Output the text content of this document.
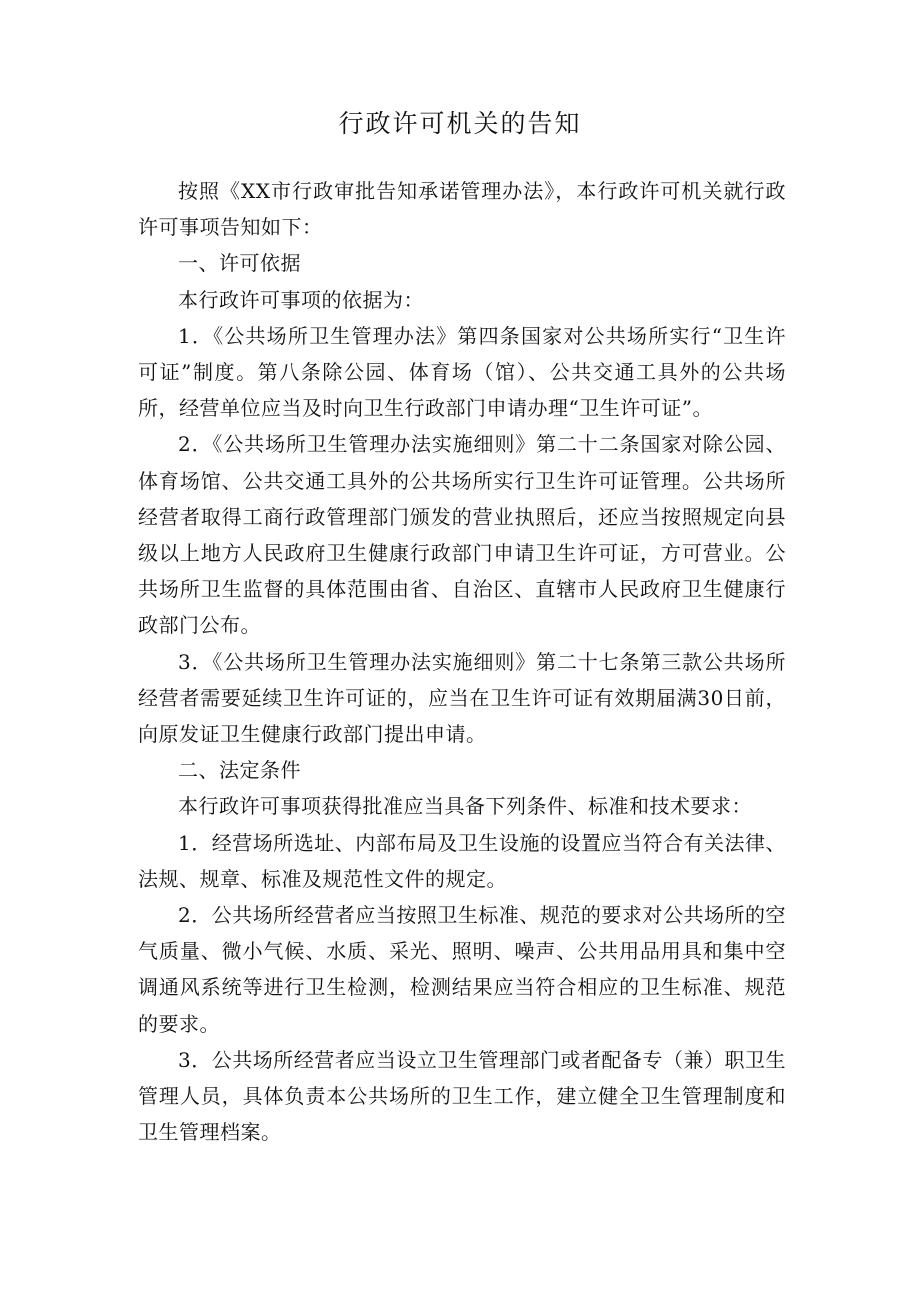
行政许可机关的告知

按照《XX市行政审批告知承诺管理办法》，本行政许可机关就行政许可事项告知如下：

一、许可依据

本行政许可事项的依据为：

1．《公共场所卫生管理办法》第四条国家对公共场所实行“卫生许可证”制度。第八条除公园、体育场（馆）、公共交通工具外的公共场所，经营单位应当及时向卫生行政部门申请办理“卫生许可证”。

2．《公共场所卫生管理办法实施细则》第二十二条国家对除公园、体育场馆、公共交通工具外的公共场所实行卫生许可证管理。公共场所经营者取得工商行政管理部门颁发的营业执照后，还应当按照规定向县级以上地方人民政府卫生健康行政部门申请卫生许可证，方可营业。公共场所卫生监督的具体范围由省、自治区、直辖市人民政府卫生健康行政部门公布。

3．《公共场所卫生管理办法实施细则》第二十七条第三款公共场所经营者需要延续卫生许可证的，应当在卫生许可证有效期届满30日前，向原发证卫生健康行政部门提出申请。

二、法定条件

本行政许可事项获得批准应当具备下列条件、标准和技术要求：

1．经营场所选址、内部布局及卫生设施的设置应当符合有关法律、法规、规章、标准及规范性文件的规定。

2．公共场所经营者应当按照卫生标准、规范的要求对公共场所的空气质量、微小气候、水质、采光、照明、噪声、公共用品用具和集中空调通风系统等进行卫生检测，检测结果应当符合相应的卫生标准、规范的要求。

3．公共场所经营者应当设立卫生管理部门或者配备专（兼）职卫生管理人员，具体负责本公共场所的卫生工作，建立健全卫生管理制度和卫生管理档案。
